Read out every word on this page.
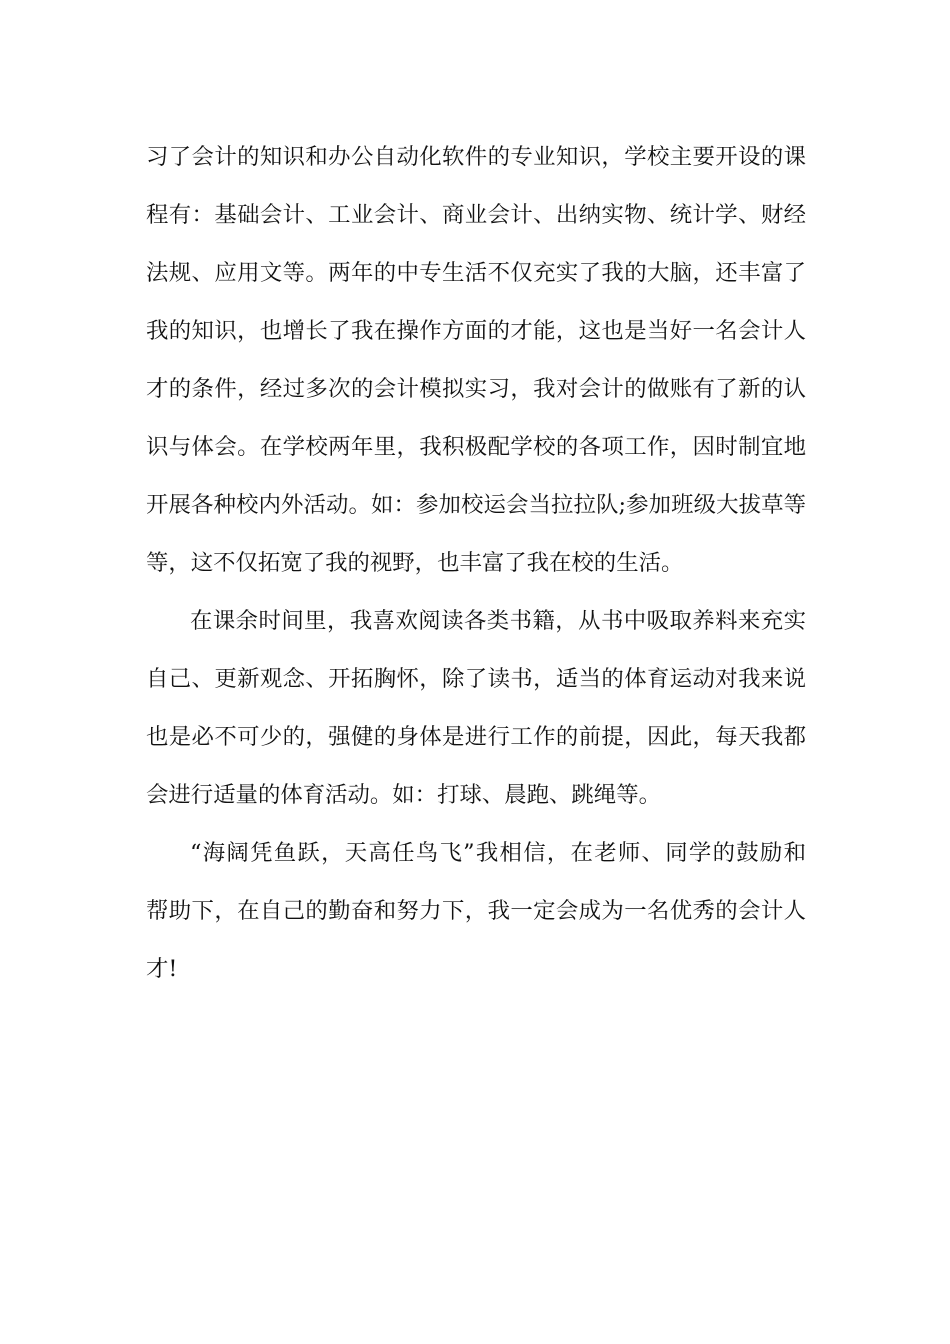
习了会计的知识和办公自动化软件的专业知识，学校主要开设的课
程有：基础会计、工业会计、商业会计、出纳实物、统计学、财经
法规、应用文等。两年的中专生活不仅充实了我的大脑，还丰富了
我的知识，也增长了我在操作方面的才能，这也是当好一名会计人
才的条件，经过多次的会计模拟实习，我对会计的做账有了新的认
识与体会。在学校两年里，我积极配学校的各项工作，因时制宜地
开展各种校内外活动。如：参加校运会当拉拉队;参加班级大拔草等
等，这不仅拓宽了我的视野，也丰富了我在校的生活。
在课余时间里，我喜欢阅读各类书籍，从书中吸取养料来充实
自己、更新观念、开拓胸怀，除了读书，适当的体育运动对我来说
也是必不可少的，强健的身体是进行工作的前提，因此，每天我都
会进行适量的体育活动。如：打球、晨跑、跳绳等。
“海阔凭鱼跃，天高任鸟飞”我相信，在老师、同学的鼓励和
帮助下，在自己的勤奋和努力下，我一定会成为一名优秀的会计人
才!
